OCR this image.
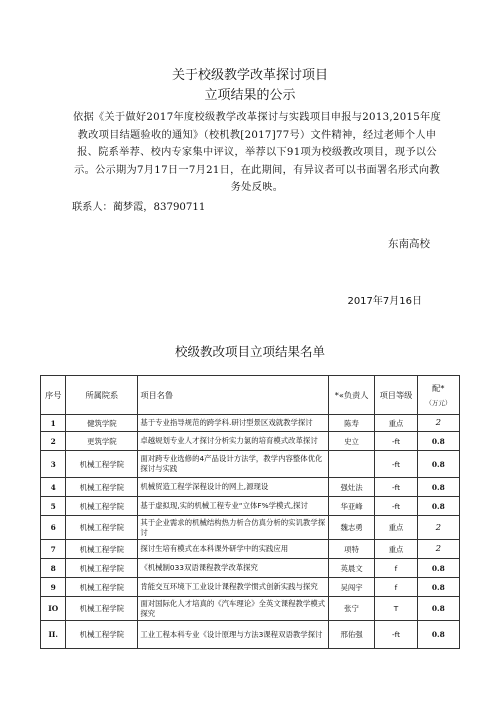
关于校级教学改革探讨项目
立项结果的公示
依据《关于做好2017年度校级教学改革探讨与实践项目申报与2013,2015年度教改项目结题验收的通知》（校机教[2017]77号）文件精神，经过老师个人申报、院系举荐、校内专家集中评议，举荐以下91项为校级教改项目，现予以公示。公示期为7月17日一7月21日，在此期间，有异议者可以书面署名形式向教务处反映。
联系人：蔺梦霞，83790711
东南高校
2017年7月16日
校级教改项目立项结果名单
序号	所属院系	项目名鲁	*«负责人	项目等级	配*
（万元）

1	健筑学院	基于专业指导规范的跨学科.研讨型景区戏就教学探讨	陈寿	重点	2
2	更筑学院	卓越规划专业人才探讨分析实力氯的培育模式改革探讨	史立	-ft	0.8
3	机械工程学院	面对跨专业选修的4产品设计方法学，教学内容整体优化探讨与实践		-ft	0.8
4	机械工程学院	机械贸造工程学深程设计的网上,源现设	强灶法	-ft	0.8
5	机械工程学院	基于虚拟现,实的机械工程专业“立体F%学模式,探讨	华亚峰	-ft	0.8
6	机械工程学院	其于企业需求的机械结构热力析合仿真分析的实讥教学探讨	魏志勇	重点	2
7	机械工程学院	探讨生培有模式在本科课外研学中的实践应用	项特	重点	2
8	机械工程学院	《机械制033双语课程教学改革探究	英晨文	f	0.8
9	机械工程学院	肯能交互环境下工业设计课程教学惯式创新实践与探究	吴闯宇	f	0.8
IO	机械工程学院	面对国际化人才培真的《汽车理论》全英文课程教学模式探究	张宁	T	0.8
II.	机械工程学院	工业工程本科专业《设计原理与方法3课程双语教学探讨	邢佑强	-ft	0.8
